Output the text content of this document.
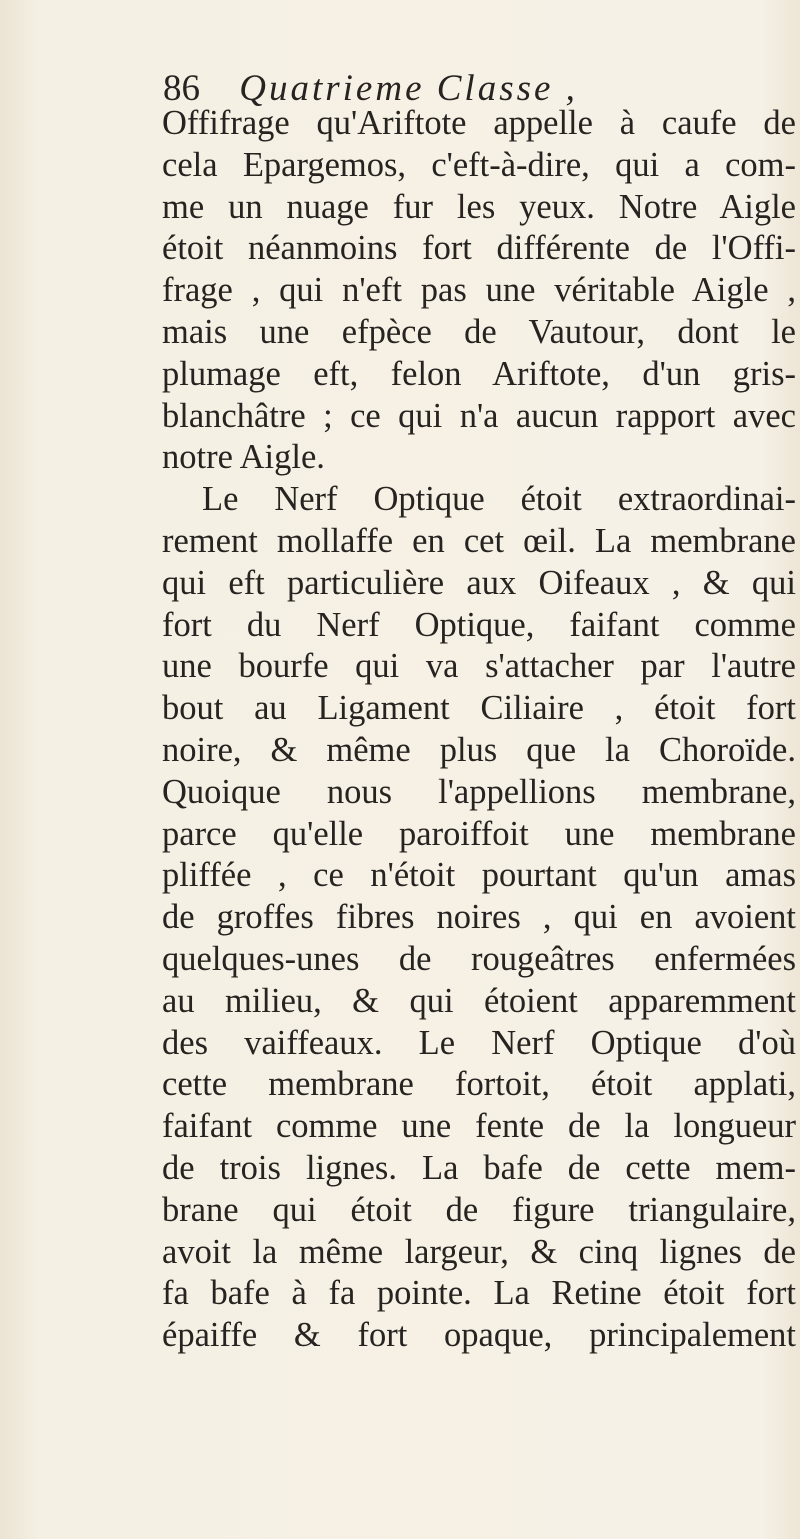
86 Quatrieme Classe ,
Offifrage qu'Ariftote appelle à caufe de
cela Epargemos, c'eft-à-dire, qui a com-
me un nuage fur les yeux. Notre Aigle
étoit néanmoins fort différente de l'Offi-
frage , qui n'eft pas une véritable Aigle ,
mais une efpèce de Vautour, dont le
plumage eft, felon Ariftote, d'un gris-
blanchâtre ; ce qui n'a aucun rapport avec
notre Aigle.
Le Nerf Optique étoit extraordinai-
rement mollaffe en cet œil. La membrane
qui eft particulière aux Oifeaux , & qui
fort du Nerf Optique, faifant comme
une bourfe qui va s'attacher par l'autre
bout au Ligament Ciliaire , étoit fort
noire, & même plus que la Choroïde.
Quoique nous l'appellions membrane,
parce qu'elle paroiffoit une membrane
pliffée , ce n'étoit pourtant qu'un amas
de groffes fibres noires , qui en avoient
quelques-unes de rougeâtres enfermées
au milieu, & qui étoient apparemment
des vaiffeaux. Le Nerf Optique d'où
cette membrane fortoit, étoit applati,
faifant comme une fente de la longueur
de trois lignes. La bafe de cette mem-
brane qui étoit de figure triangulaire,
avoit la même largeur, & cinq lignes de
fa bafe à fa pointe. La Retine étoit fort
épaiffe & fort opaque, principalement
